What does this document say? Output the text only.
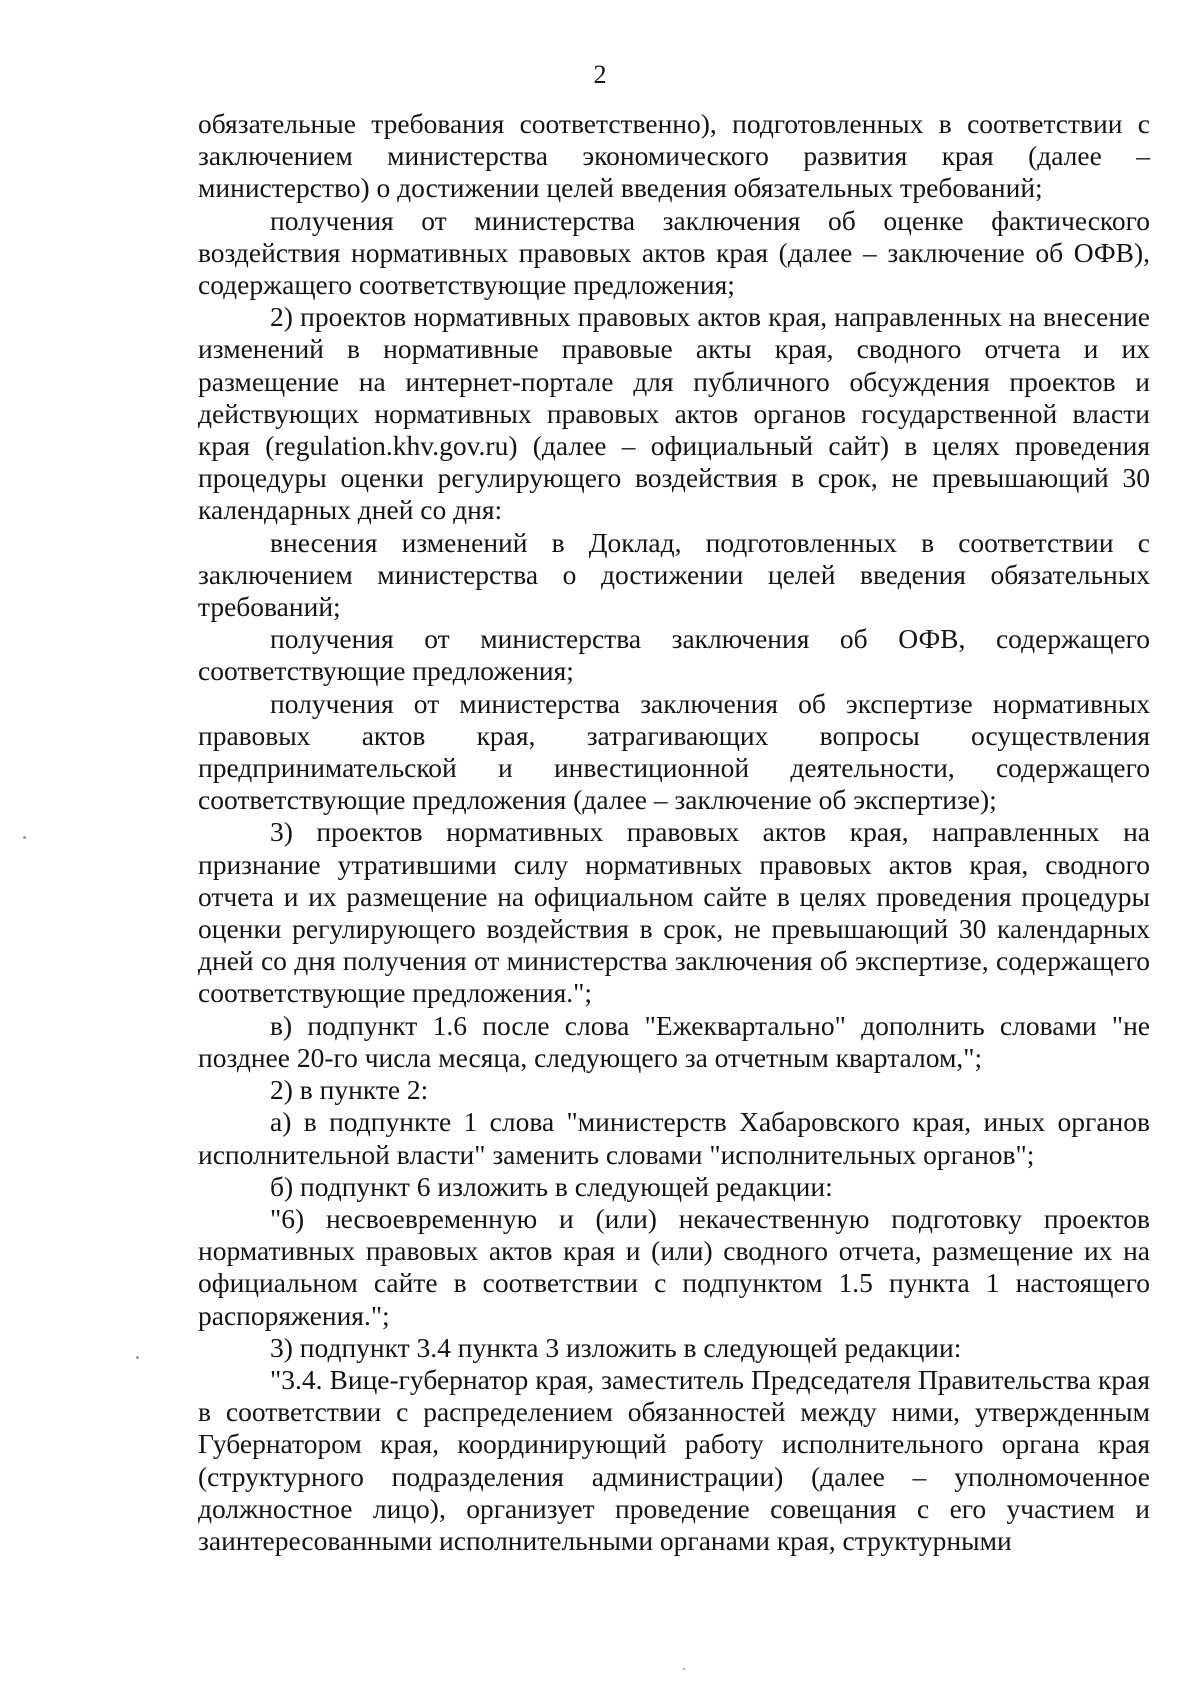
2

обязательные требования соответственно), подготовленных в соответствии с заключением министерства экономического развития края (далее – министерство) о достижении целей введения обязательных требований;

получения от министерства заключения об оценке фактического воздействия нормативных правовых актов края (далее – заключение об ОФВ), содержащего соответствующие предложения;

2) проектов нормативных правовых актов края, направленных на внесение изменений в нормативные правовые акты края, сводного отчета и их размещение на интернет-портале для публичного обсуждения проектов и действующих нормативных правовых актов органов государственной власти края (regulation.khv.gov.ru) (далее – официальный сайт) в целях проведения процедуры оценки регулирующего воздействия в срок, не превышающий 30 календарных дней со дня:

внесения изменений в Доклад, подготовленных в соответствии с заключением министерства о достижении целей введения обязательных требований;

получения от министерства заключения об ОФВ, содержащего соответствующие предложения;

получения от министерства заключения об экспертизе нормативных правовых актов края, затрагивающих вопросы осуществления предпринимательской и инвестиционной деятельности, содержащего соответствующие предложения (далее – заключение об экспертизе);

3) проектов нормативных правовых актов края, направленных на признание утратившими силу нормативных правовых актов края, сводного отчета и их размещение на официальном сайте в целях проведения процедуры оценки регулирующего воздействия в срок, не превышающий 30 календарных дней со дня получения от министерства заключения об экспертизе, содержащего соответствующие предложения.";

в) подпункт 1.6 после слова "Ежеквартально" дополнить словами "не позднее 20-го числа месяца, следующего за отчетным кварталом,";

2) в пункте 2:

а) в подпункте 1 слова "министерств Хабаровского края, иных органов исполнительной власти" заменить словами "исполнительных органов";

б) подпункт 6 изложить в следующей редакции:

"6) несвоевременную и (или) некачественную подготовку проектов нормативных правовых актов края и (или) сводного отчета, размещение их на официальном сайте в соответствии с подпунктом 1.5 пункта 1 настоящего распоряжения.";

3) подпункт 3.4 пункта 3 изложить в следующей редакции:

"3.4. Вице-губернатор края, заместитель Председателя Правительства края в соответствии с распределением обязанностей между ними, утвержденным Губернатором края, координирующий работу исполнительного органа края (структурного подразделения администрации) (далее – уполномоченное должностное лицо), организует проведение совещания с его участием и заинтересованными исполнительными органами края, структурными
